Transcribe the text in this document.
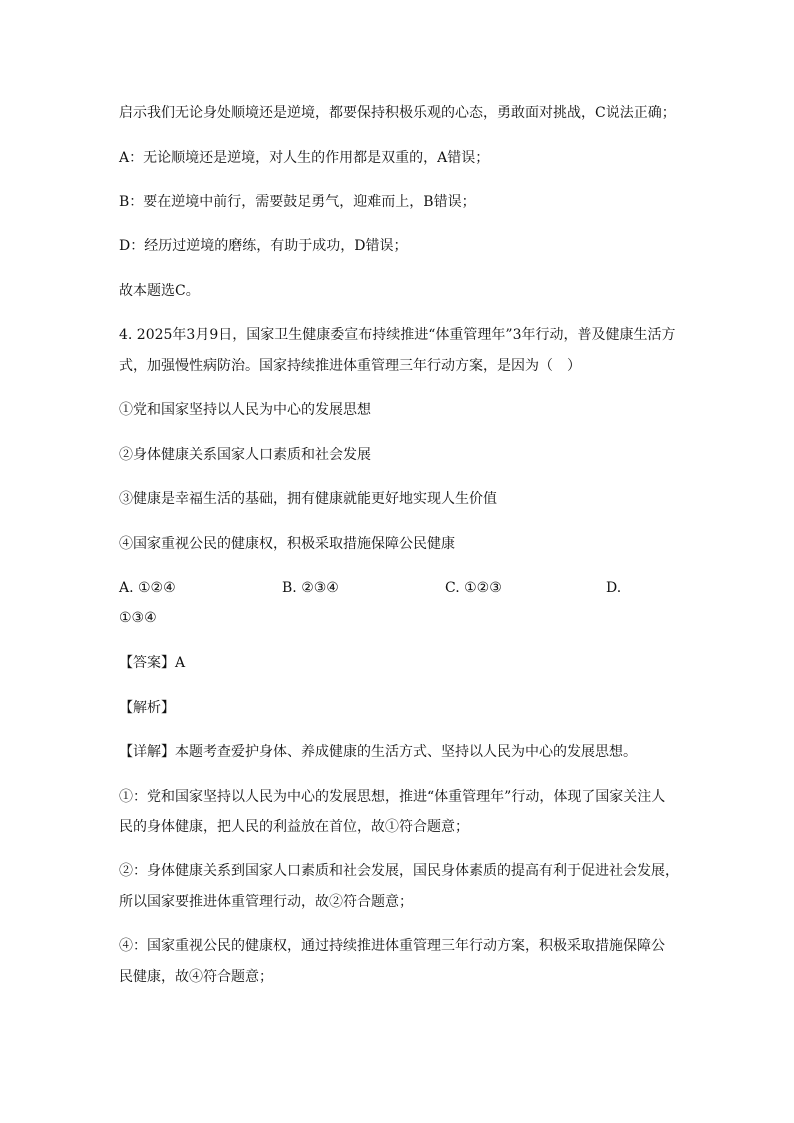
启示我们无论身处顺境还是逆境，都要保持积极乐观的心态，勇敢面对挑战，C说法正确；
A：无论顺境还是逆境，对人生的作用都是双重的，A错误；
B：要在逆境中前行，需要鼓足勇气，迎难而上，B错误；
D：经历过逆境的磨练，有助于成功，D错误；
故本题选C。
4. 2025年3月9日，国家卫生健康委宣布持续推进“体重管理年”3年行动，普及健康生活方
式，加强慢性病防治。国家持续推进体重管理三年行动方案，是因为（　）
①党和国家坚持以人民为中心的发展思想
②身体健康关系国家人口素质和社会发展
③健康是幸福生活的基础，拥有健康就能更好地实现人生价值
④国家重视公民的健康权，积极采取措施保障公民健康
A. ①②④	B. ②③④	C. ①②③	D.
①③④
【答案】A
【解析】
【详解】本题考查爱护身体、养成健康的生活方式、坚持以人民为中心的发展思想。
①：党和国家坚持以人民为中心的发展思想，推进“体重管理年”行动，体现了国家关注人
民的身体健康，把人民的利益放在首位，故①符合题意；
②：身体健康关系到国家人口素质和社会发展，国民身体素质的提高有利于促进社会发展，
所以国家要推进体重管理行动，故②符合题意；
④：国家重视公民的健康权，通过持续推进体重管理三年行动方案，积极采取措施保障公
民健康，故④符合题意；
